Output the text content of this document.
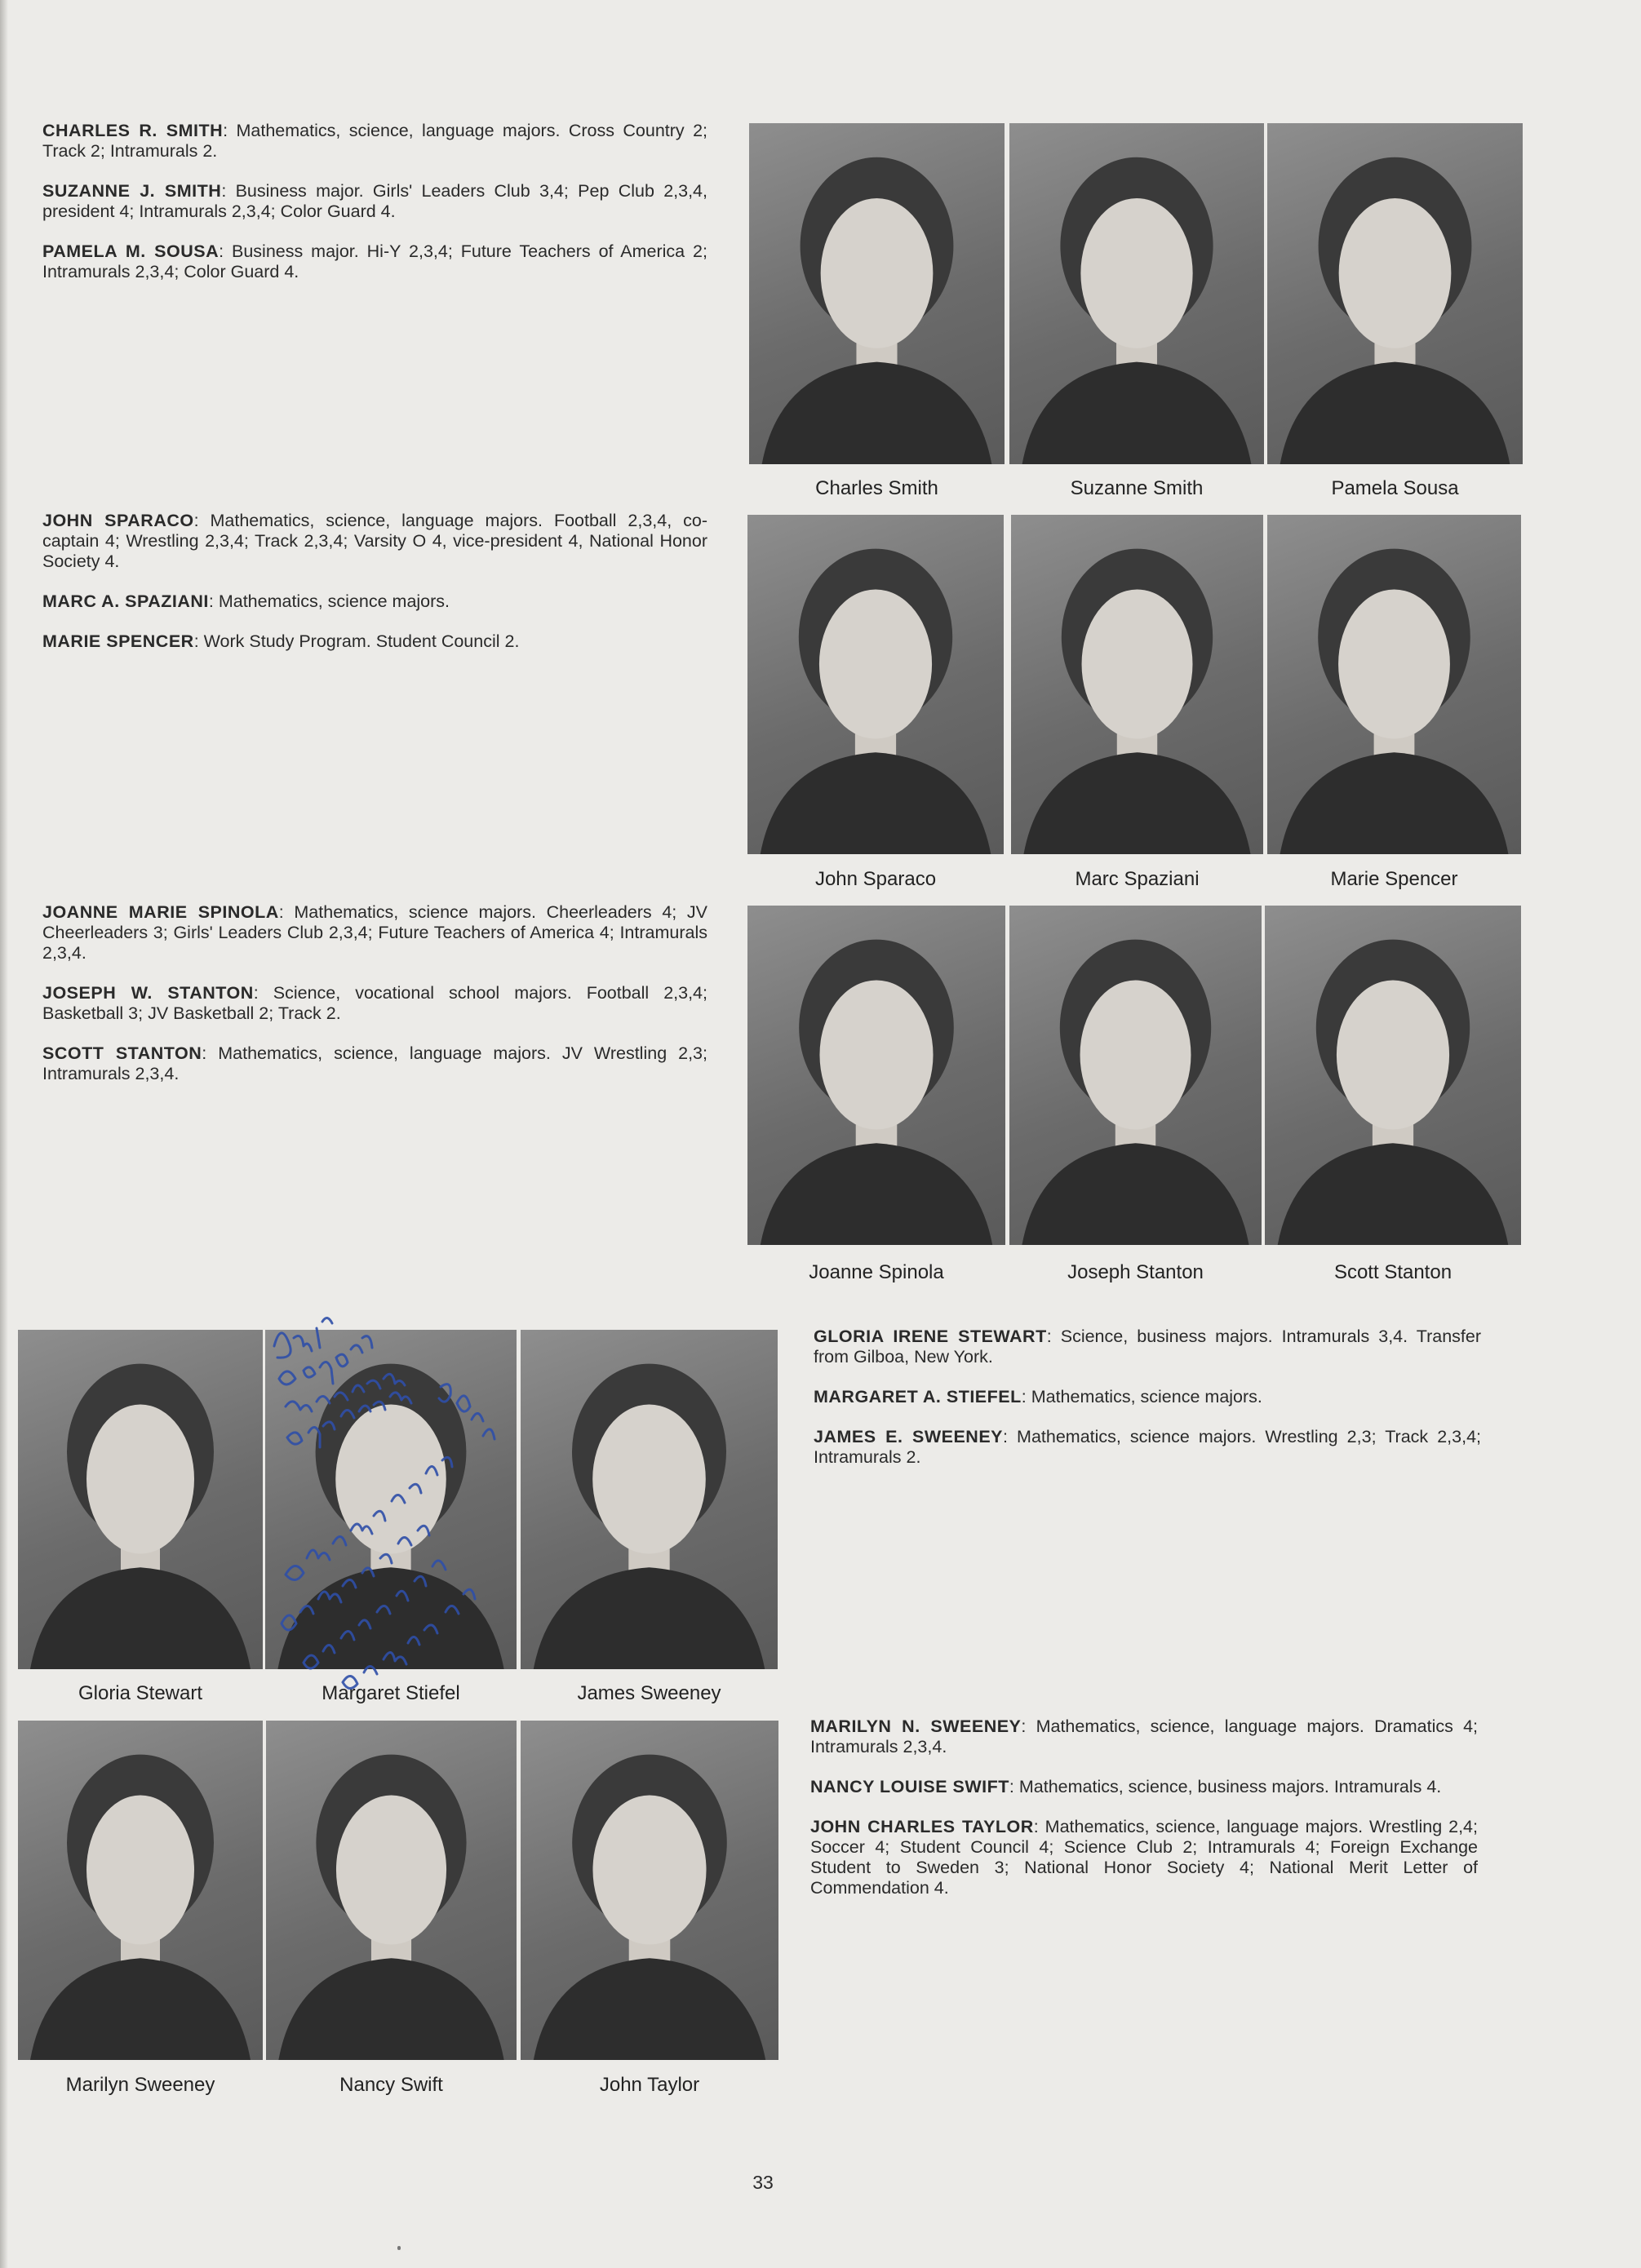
CHARLES R. SMITH: Mathematics, science, language majors. Cross Country 2; Track 2; Intramurals 2.

SUZANNE J. SMITH: Business major. Girls' Leaders Club 3,4; Pep Club 2,3,4, president 4; Intramurals 2,3,4; Color Guard 4.

PAMELA M. SOUSA: Business major. Hi-Y 2,3,4; Future Teachers of America 2; Intramurals 2,3,4; Color Guard 4.

JOHN SPARACO: Mathematics, science, language majors. Football 2,3,4, co-captain 4; Wrestling 2,3,4; Track 2,3,4; Varsity O 4, vice-president 4, National Honor Society 4.

MARC A. SPAZIANI: Mathematics, science majors.

MARIE SPENCER: Work Study Program. Student Council 2.

JOANNE MARIE SPINOLA: Mathematics, science majors. Cheerleaders 4; JV Cheerleaders 3; Girls' Leaders Club 2,3,4; Future Teachers of America 4; Intramurals 2,3,4.

JOSEPH W. STANTON: Science, vocational school majors. Football 2,3,4; Basketball 3; JV Basketball 2; Track 2.

SCOTT STANTON: Mathematics, science, language majors. JV Wrestling 2,3; Intramurals 2,3,4.

GLORIA IRENE STEWART: Science, business majors. Intramurals 3,4. Transfer from Gilboa, New York.

MARGARET A. STIEFEL: Mathematics, science majors.

JAMES E. SWEENEY: Mathematics, science majors. Wrestling 2,3; Track 2,3,4; Intramurals 2.

MARILYN N. SWEENEY: Mathematics, science, language majors. Dramatics 4; Intramurals 2,3,4.

NANCY LOUISE SWIFT: Mathematics, science, business majors. Intramurals 4.

JOHN CHARLES TAYLOR: Mathematics, science, language majors. Wrestling 2,4; Soccer 4; Student Council 4; Science Club 2; Intramurals 4; Foreign Exchange Student to Sweden 3; National Honor Society 4; National Merit Letter of Commendation 4.

Charles Smith	Suzanne Smith	Pamela Sousa
John Sparaco	Marc Spaziani	Marie Spencer
Joanne Spinola	Joseph Stanton	Scott Stanton
Gloria Stewart	Margaret Stiefel	James Sweeney
Marilyn Sweeney	Nancy Swift	John Taylor
33
